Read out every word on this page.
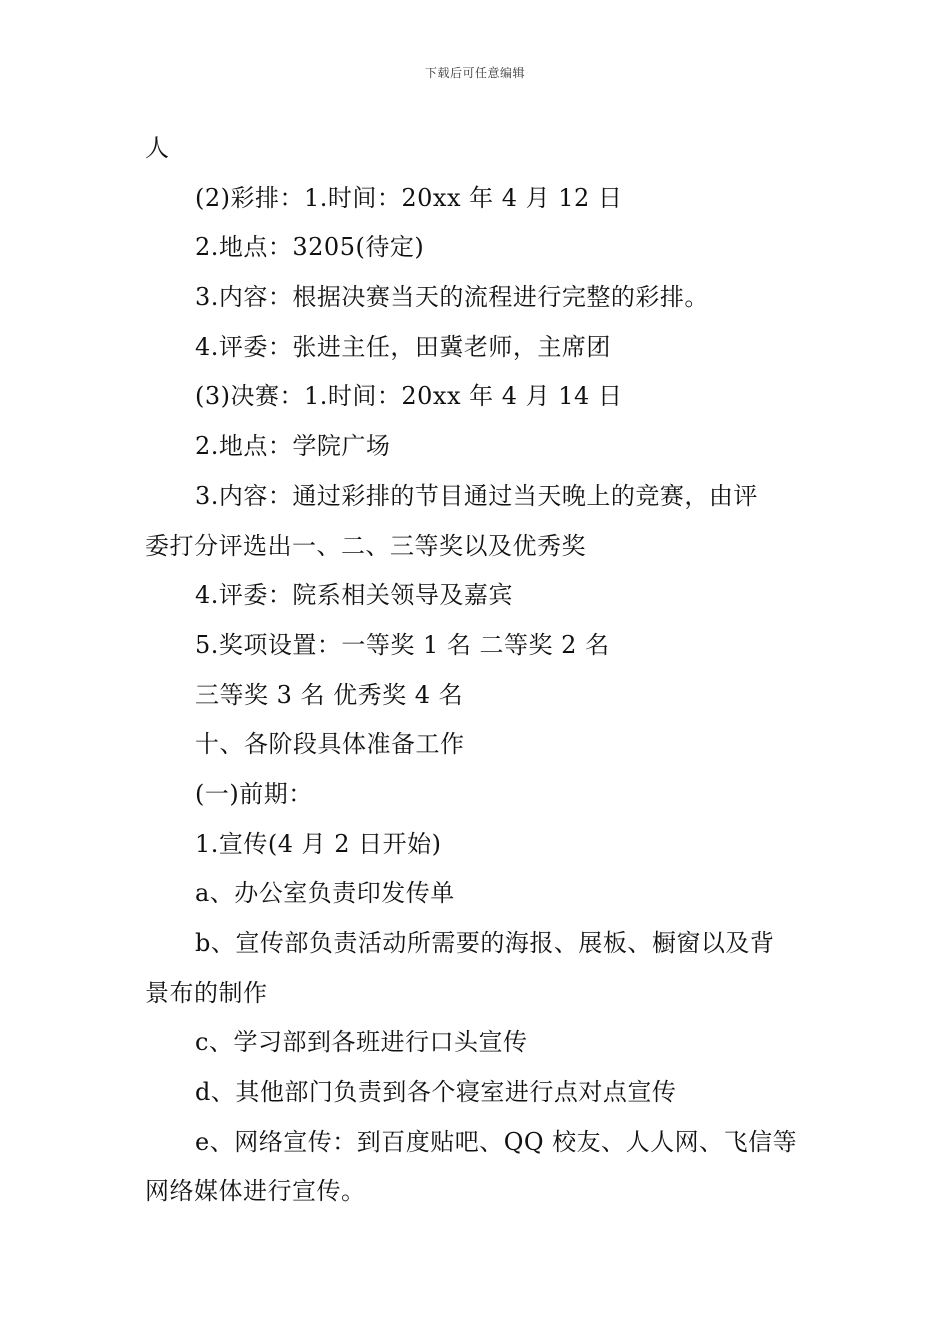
下载后可任意编辑
人
(2)彩排：1.时间：20xx 年 4 月 12 日
2.地点：3205(待定)
3.内容：根据决赛当天的流程进行完整的彩排。
4.评委：张进主任，田冀老师，主席团
(3)决赛：1.时间：20xx 年 4 月 14 日
2.地点：学院广场
3.内容：通过彩排的节目通过当天晚上的竞赛，由评
委打分评选出一、二、三等奖以及优秀奖
4.评委：院系相关领导及嘉宾
5.奖项设置：一等奖 1 名 二等奖 2 名
三等奖 3 名 优秀奖 4 名
十、各阶段具体准备工作
(一)前期：
1.宣传(4 月 2 日开始)
a、办公室负责印发传单
b、宣传部负责活动所需要的海报、展板、橱窗以及背
景布的制作
c、学习部到各班进行口头宣传
d、其他部门负责到各个寝室进行点对点宣传
e、网络宣传：到百度贴吧、QQ 校友、人人网、飞信等
网络媒体进行宣传。
